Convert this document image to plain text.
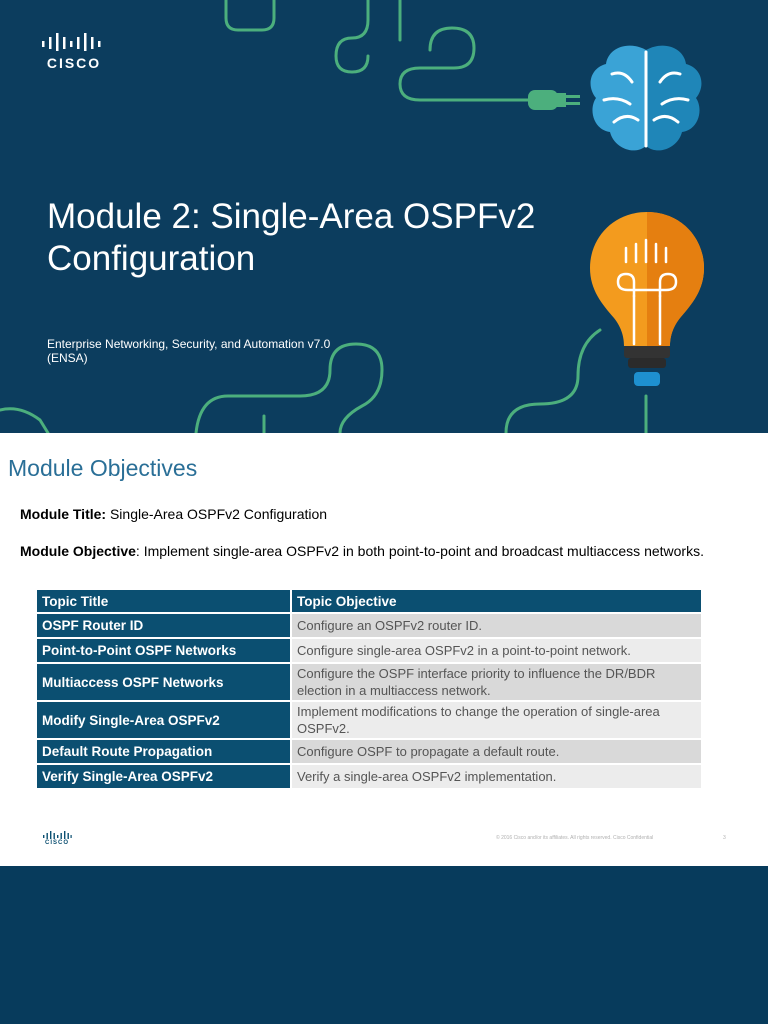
CISCO
Module 2: Single-Area OSPFv2
Configuration
Enterprise Networking, Security, and Automation v7.0
(ENSA)
Module Objectives
Module Title: Single-Area OSPFv2 Configuration
Module Objective: Implement single-area OSPFv2 in both point-to-point and broadcast multiaccess networks.
Topic Title	Topic Objective
OSPF Router ID	Configure an OSPFv2 router ID.
Point-to-Point OSPF Networks	Configure single-area OSPFv2 in a point-to-point network.
Multiaccess OSPF Networks	Configure the OSPF interface priority to influence the DR/BDR election in a multiaccess network.
Modify Single-Area OSPFv2	Implement modifications to change the operation of single-area OSPFv2.
Default Route Propagation	Configure OSPF to propagate a default route.
Verify Single-Area OSPFv2	Verify a single-area OSPFv2 implementation.
CISCO
© 2016 Cisco and/or its affiliates. All rights reserved. Cisco Confidential	3
